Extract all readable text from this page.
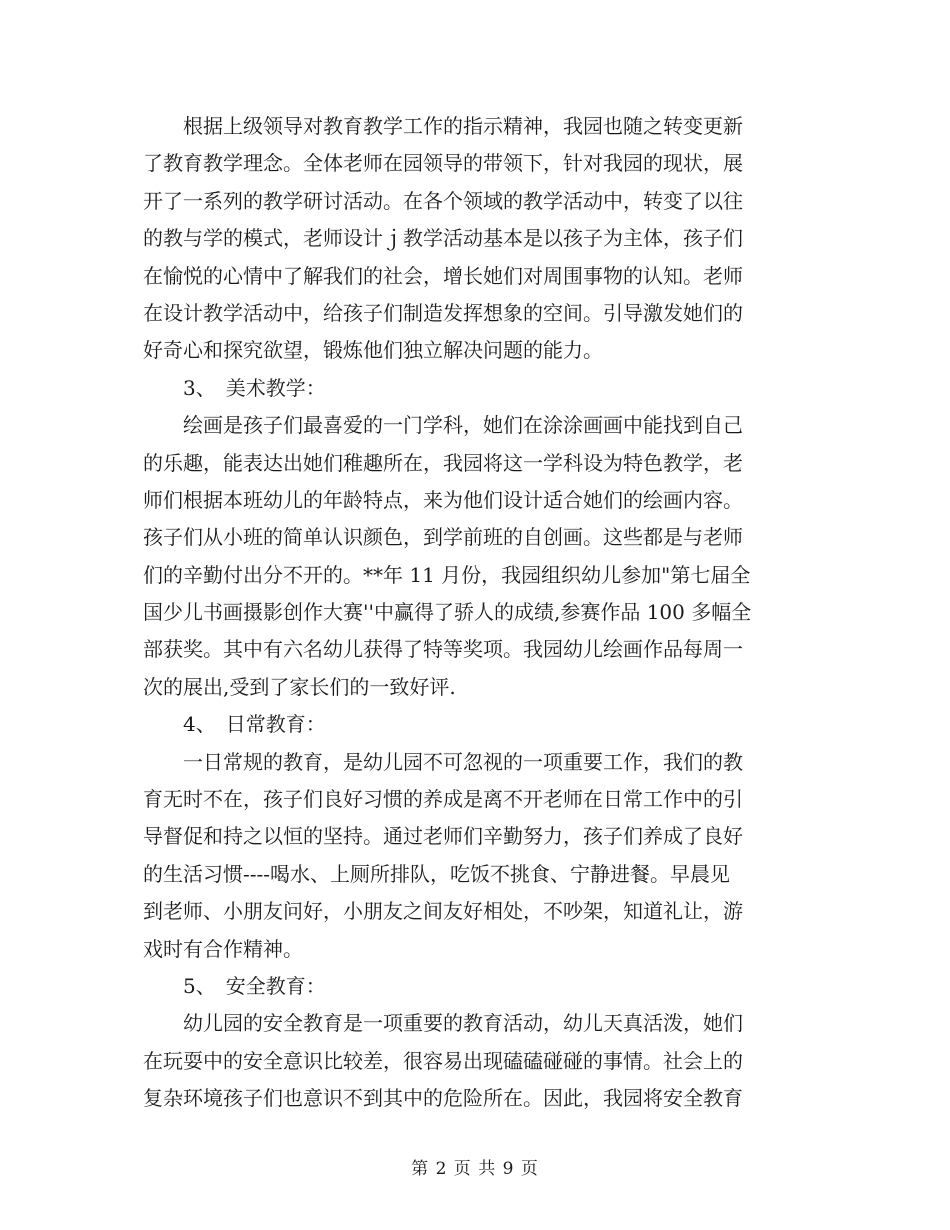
　　根据上级领导对教育教学工作的指示精神，我园也随之转变更新
了教育教学理念。全体老师在园领导的带领下，针对我园的现状，展
开了一系列的教学研讨活动。在各个领域的教学活动中，转变了以往
的教与学的模式，老师设计ｊ教学活动基本是以孩子为主体，孩子们
在愉悦的心情中了解我们的社会，增长她们对周围事物的认知。老师
在设计教学活动中，给孩子们制造发挥想象的空间。引导激发她们的
好奇心和探究欲望，锻炼他们独立解决问题的能力。
　　3、　美术教学：
　　绘画是孩子们最喜爱的一门学科，她们在涂涂画画中能找到自己
的乐趣，能表达出她们稚趣所在，我园将这一学科设为特色教学，老
师们根据本班幼儿的年龄特点，来为他们设计适合她们的绘画内容。
孩子们从小班的简单认识颜色，到学前班的自创画。这些都是与老师
们的辛勤付出分不开的。**年 11 月份，我园组织幼儿参加"第七届全
国少儿书画摄影创作大赛''中赢得了骄人的成绩,参赛作品 100 多幅全
部获奖。其中有六名幼儿获得了特等奖项。我园幼儿绘画作品每周一
次的展出,受到了家长们的一致好评.
　　4、　日常教育：
　　一日常规的教育，是幼儿园不可忽视的一项重要工作，我们的教
育无时不在，孩子们良好习惯的养成是离不开老师在日常工作中的引
导督促和持之以恒的坚持。通过老师们辛勤努力，孩子们养成了良好
的生活习惯----喝水、上厕所排队，吃饭不挑食、宁静进餐。早晨见
到老师、小朋友问好，小朋友之间友好相处，不吵架，知道礼让，游
戏时有合作精神。
　　5、　安全教育：
　　幼儿园的安全教育是一项重要的教育活动，幼儿天真活泼，她们
在玩耍中的安全意识比较差，很容易出现磕磕碰碰的事情。社会上的
复杂环境孩子们也意识不到其中的危险所在。因此，我园将安全教育
第 2 页 共 9 页
